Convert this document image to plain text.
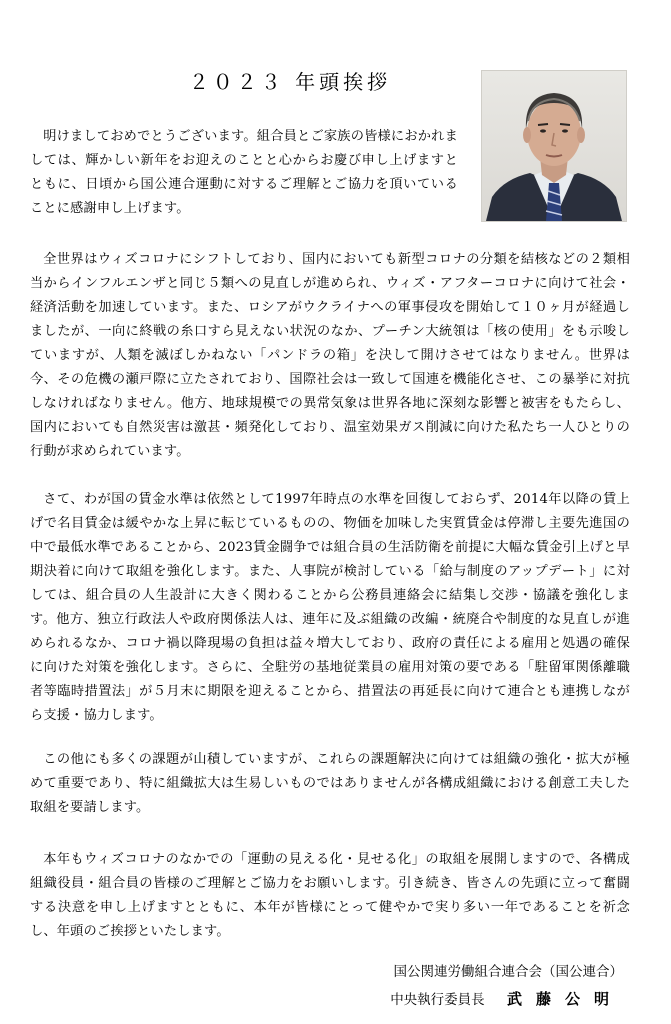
２０２３ 年頭挨拶

明けましておめでとうございます。組合員とご家族の皆様におかれましては、輝かしい新年をお迎えのことと心からお慶び申し上げますとともに、日頃から国公連合運動に対するご理解とご協力を頂いていることに感謝申し上げます。

全世界はウィズコロナにシフトしており、国内においても新型コロナの分類を結核などの２類相当からインフルエンザと同じ５類への見直しが進められ、ウィズ・アフターコロナに向けて社会・経済活動を加速しています。また、ロシアがウクライナへの軍事侵攻を開始して１０ヶ月が経過しましたが、一向に終戦の糸口すら見えない状況のなか、プーチン大統領は「核の使用」をも示唆していますが、人類を滅ぼしかねない「パンドラの箱」を決して開けさせてはなりません。世界は今、その危機の瀬戸際に立たされており、国際社会は一致して国連を機能化させ、この暴挙に対抗しなければなりません。他方、地球規模での異常気象は世界各地に深刻な影響と被害をもたらし、国内においても自然災害は激甚・頻発化しており、温室効果ガス削減に向けた私たち一人ひとりの行動が求められています。

さて、わが国の賃金水準は依然として1997年時点の水準を回復しておらず、2014年以降の賃上げで名目賃金は緩やかな上昇に転じているものの、物価を加味した実質賃金は停滞し主要先進国の中で最低水準であることから、2023賃金闘争では組合員の生活防衛を前提に大幅な賃金引上げと早期決着に向けて取組を強化します。また、人事院が検討している「給与制度のアップデート」に対しては、組合員の人生設計に大きく関わることから公務員連絡会に結集し交渉・協議を強化します。他方、独立行政法人や政府関係法人は、連年に及ぶ組織の改編・統廃合や制度的な見直しが進められるなか、コロナ禍以降現場の負担は益々増大しており、政府の責任による雇用と処遇の確保に向けた対策を強化します。さらに、全駐労の基地従業員の雇用対策の要である「駐留軍関係離職者等臨時措置法」が５月末に期限を迎えることから、措置法の再延長に向けて連合とも連携しながら支援・協力します。

この他にも多くの課題が山積していますが、これらの課題解決に向けては組織の強化・拡大が極めて重要であり、特に組織拡大は生易しいものではありませんが各構成組織における創意工夫した取組を要請します。

本年もウィズコロナのなかでの「運動の見える化・見せる化」の取組を展開しますので、各構成組織役員・組合員の皆様のご理解とご協力をお願いします。引き続き、皆さんの先頭に立って奮闘する決意を申し上げますとともに、本年が皆様にとって健やかで実り多い一年であることを祈念し、年頭のご挨拶といたします。

国公関連労働組合連合会（国公連合）

中央執行委員長 武藤公明
